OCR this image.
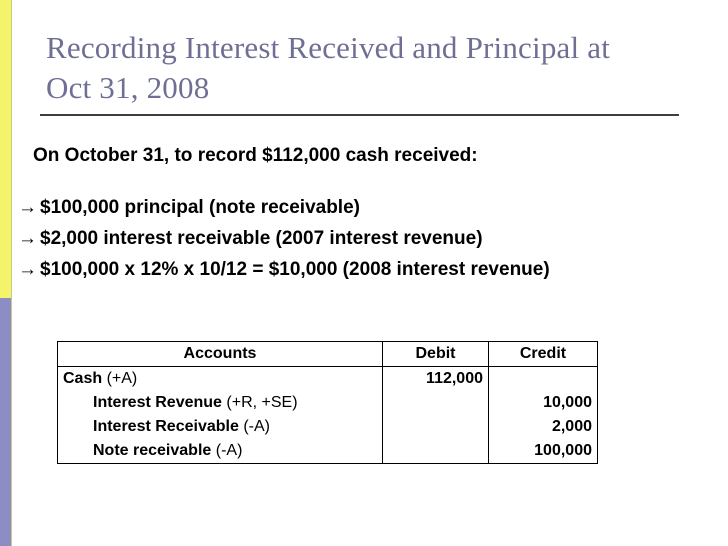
Recording Interest Received and Principal at
Oct 31, 2008
On October 31, to record $112,000 cash received:
→ $100,000 principal (note receivable)
→ $2,000 interest receivable (2007 interest revenue)
→ $100,000 x 12% x 10/12 = $10,000 (2008 interest revenue)
Accounts	Debit	Credit
Cash (+A)	112,000	
Interest Revenue (+R, +SE)		10,000
Interest Receivable (-A)		2,000
Note receivable (-A)		100,000
